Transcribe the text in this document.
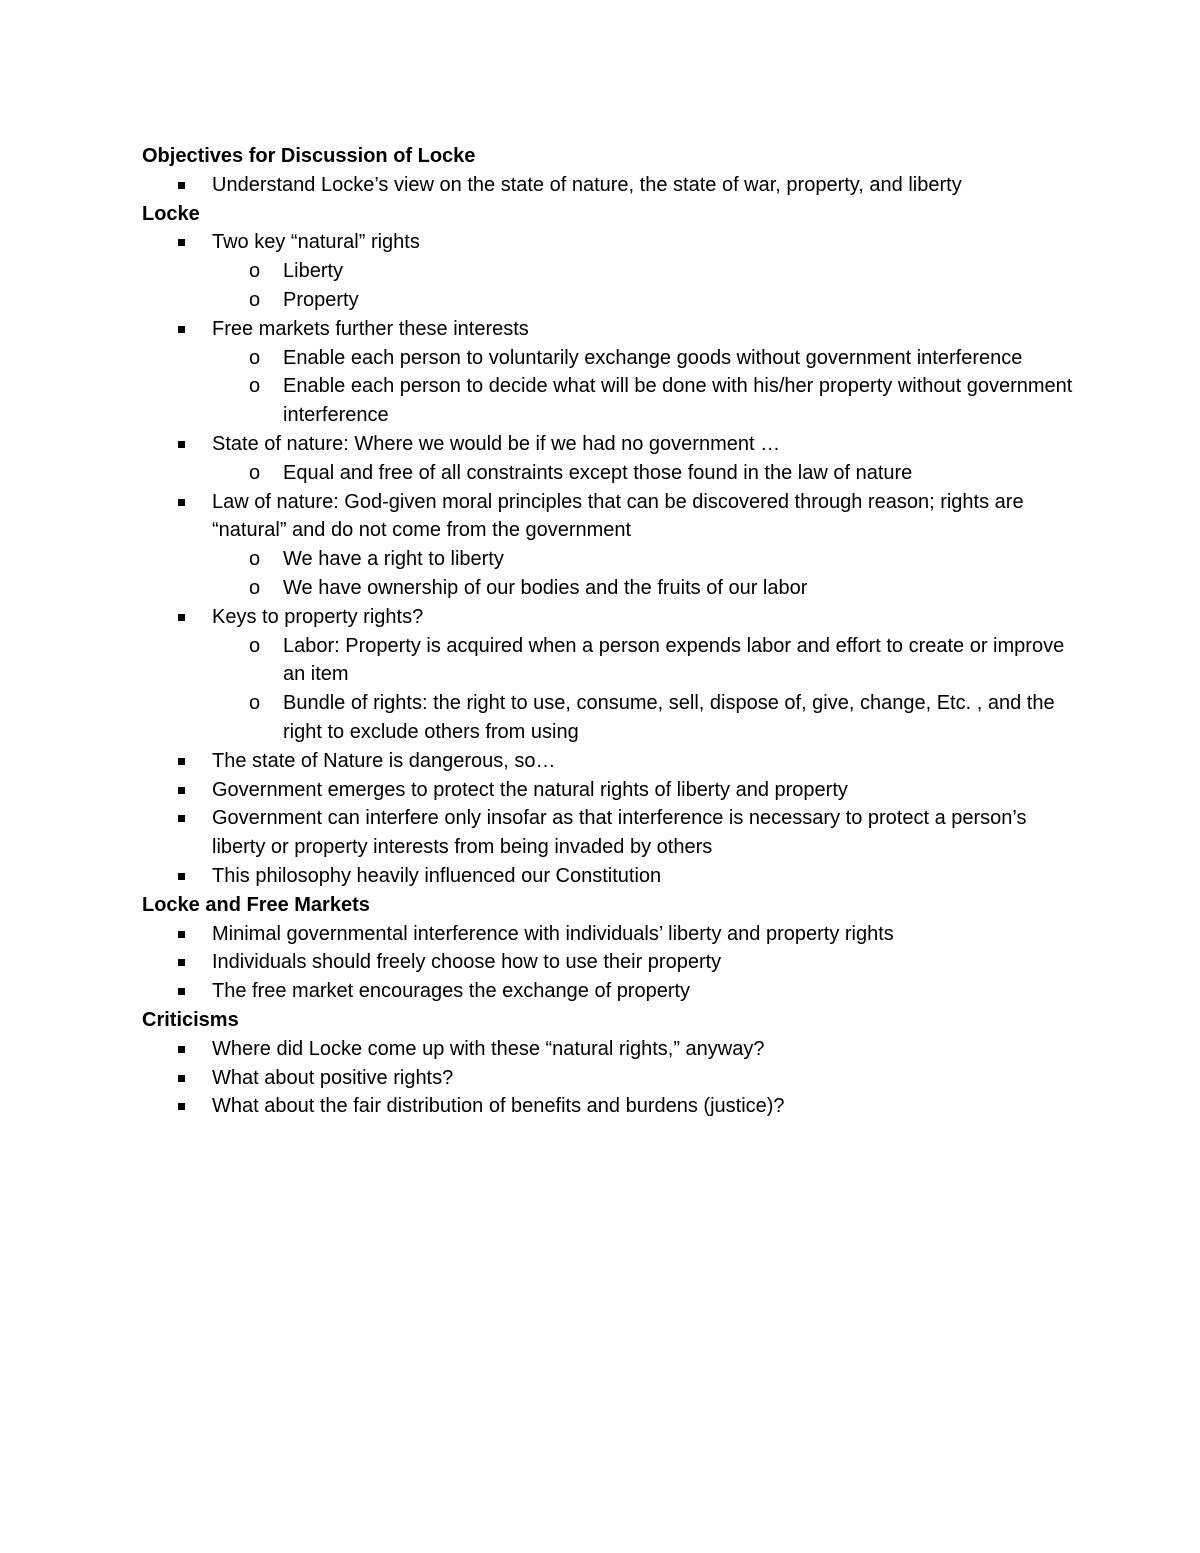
Objectives for Discussion of Locke
Understand Locke’s view on the state of nature, the state of war, property, and liberty
Locke
Two key “natural” rights
o Liberty
o Property
Free markets further these interests
o Enable each person to voluntarily exchange goods without government interference
o Enable each person to decide what will be done with his/her property without government interference
State of nature: Where we would be if we had no government …
o Equal and free of all constraints except those found in the law of nature
Law of nature: God-given moral principles that can be discovered through reason; rights are “natural” and do not come from the government
o We have a right to liberty
o We have ownership of our bodies and the fruits of our labor
Keys to property rights?
o Labor: Property is acquired when a person expends labor and effort to create or improve an item
o Bundle of rights: the right to use, consume, sell, dispose of, give, change, Etc. , and the right to exclude others from using
The state of Nature is dangerous, so…
Government emerges to protect the natural rights of liberty and property
Government can interfere only insofar as that interference is necessary to protect a person’s liberty or property interests from being invaded by others
This philosophy heavily influenced our Constitution
Locke and Free Markets
Minimal governmental interference with individuals’ liberty and property rights
Individuals should freely choose how to use their property
The free market encourages the exchange of property
Criticisms
Where did Locke come up with these “natural rights,” anyway?
What about positive rights?
What about the fair distribution of benefits and burdens (justice)?
